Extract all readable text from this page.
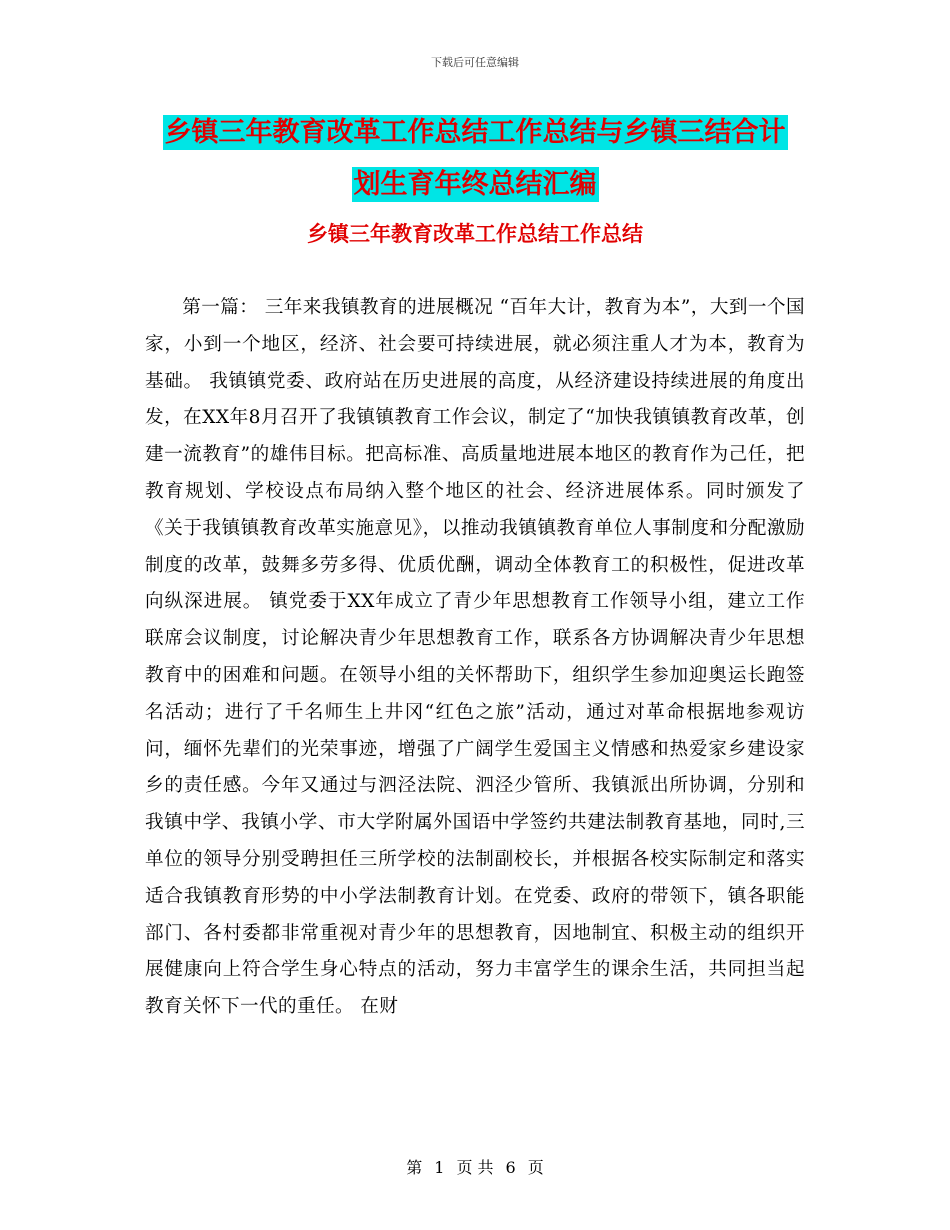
下载后可任意编辑
乡镇三年教育改革工作总结工作总结与乡镇三结合计
划生育年终总结汇编
乡镇三年教育改革工作总结工作总结

第一篇： 三年来我镇教育的进展概况 “百年大计，教育为本”，大到一个国家，小到一个地区，经济、社会要可持续进展，就必须注重人才为本，教育为基础。 我镇镇党委、政府站在历史进展的高度，从经济建设持续进展的角度出发，在XX年8月召开了我镇镇教育工作会议，制定了“加快我镇镇教育改革，创建一流教育”的雄伟目标。把高标准、高质量地进展本地区的教育作为己任，把教育规划、学校设点布局纳入整个地区的社会、经济进展体系。同时颁发了《关于我镇镇教育改革实施意见》，以推动我镇镇教育单位人事制度和分配激励制度的改革，鼓舞多劳多得、优质优酬，调动全体教育工的积极性，促进改革向纵深进展。 镇党委于XX年成立了青少年思想教育工作领导小组，建立工作联席会议制度，讨论解决青少年思想教育工作，联系各方协调解决青少年思想教育中的困难和问题。在领导小组的关怀帮助下，组织学生参加迎奥运长跑签名活动；进行了千名师生上井冈“红色之旅”活动，通过对革命根据地参观访问，缅怀先辈们的光荣事迹，增强了广阔学生爱国主义情感和热爱家乡建设家乡的责任感。今年又通过与泗泾法院、泗泾少管所、我镇派出所协调，分别和我镇中学、我镇小学、市大学附属外国语中学签约共建法制教育基地，同时,三单位的领导分别受聘担任三所学校的法制副校长，并根据各校实际制定和落实适合我镇教育形势的中小学法制教育计划。在党委、政府的带领下，镇各职能部门、各村委都非常重视对青少年的思想教育，因地制宜、积极主动的组织开展健康向上符合学生身心特点的活动，努力丰富学生的课余生活，共同担当起教育关怀下一代的重任。 在财

第 1 页 共 6 页
